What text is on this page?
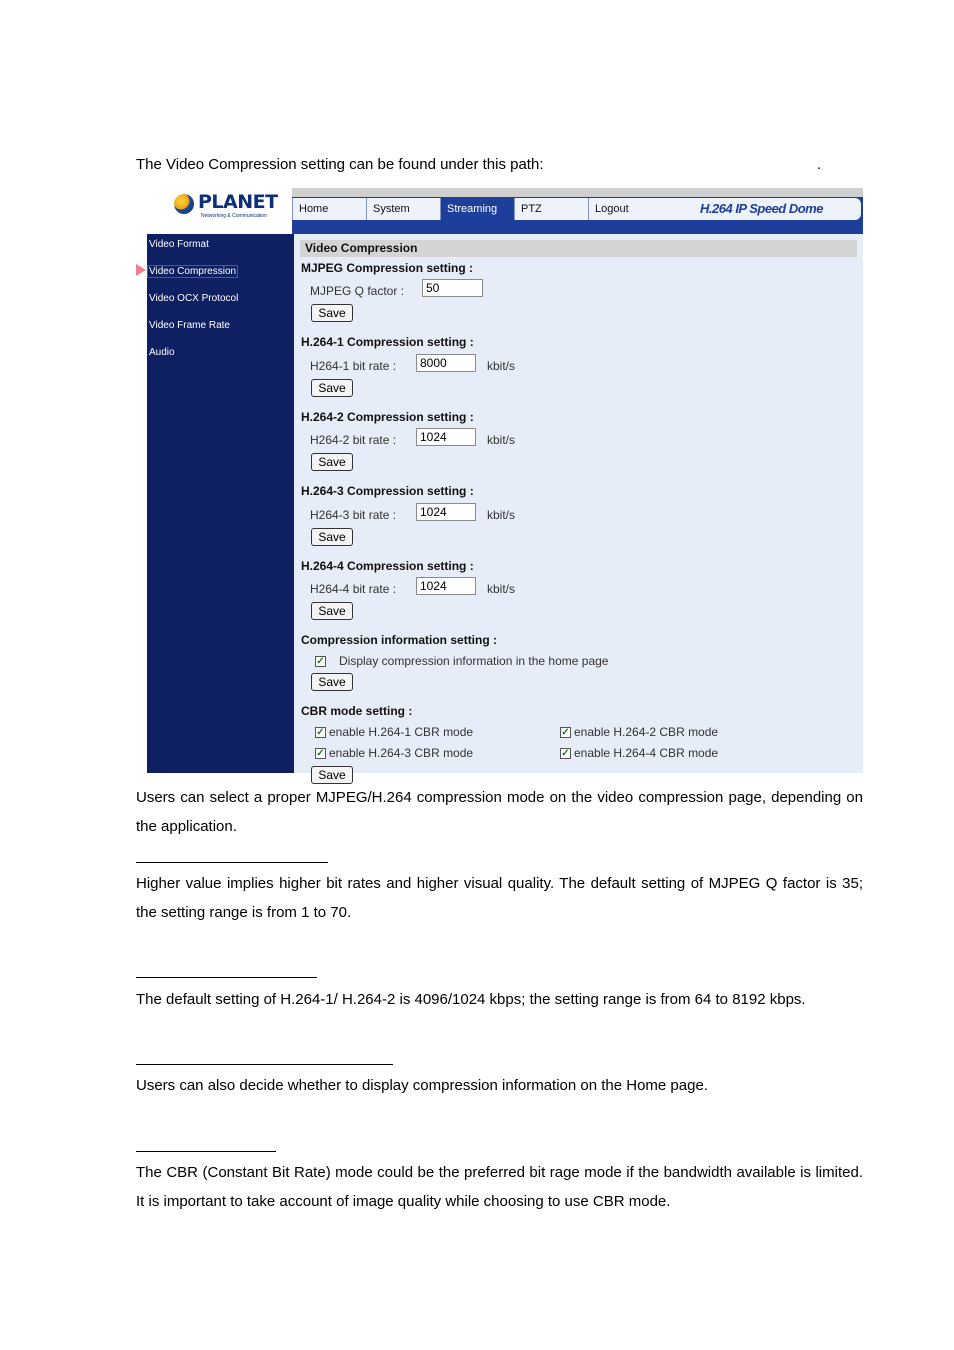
The Video Compression setting can be found under this path:	.
PLANET
Networking & Communication
Home	System	Streaming	PTZ	Logout	H.264 IP Speed Dome
Video Format
Video Compression
Video OCX Protocol
Video Frame Rate
Audio
Video Compression
MJPEG Compression setting :
MJPEG Q factor :	50
Save
H.264-1 Compression setting :
H264-1 bit rate :	8000	kbit/s
Save
H.264-2 Compression setting :
H264-2 bit rate :	1024	kbit/s
Save
H.264-3 Compression setting :
H264-3 bit rate :	1024	kbit/s
Save
H.264-4 Compression setting :
H264-4 bit rate :	1024	kbit/s
Save
Compression information setting :
✓ Display compression information in the home page
Save
CBR mode setting :
✓ enable H.264-1 CBR mode	✓ enable H.264-2 CBR mode
✓ enable H.264-3 CBR mode	✓ enable H.264-4 CBR mode
Save
Users can select a proper MJPEG/H.264 compression mode on the video compression page, depending on the application.
Higher value implies higher bit rates and higher visual quality. The default setting of MJPEG Q factor is 35; the setting range is from 1 to 70.
The default setting of H.264-1/ H.264-2 is 4096/1024 kbps; the setting range is from 64 to 8192 kbps.
Users can also decide whether to display compression information on the Home page.
The CBR (Constant Bit Rate) mode could be the preferred bit rage mode if the bandwidth available is limited. It is important to take account of image quality while choosing to use CBR mode.
